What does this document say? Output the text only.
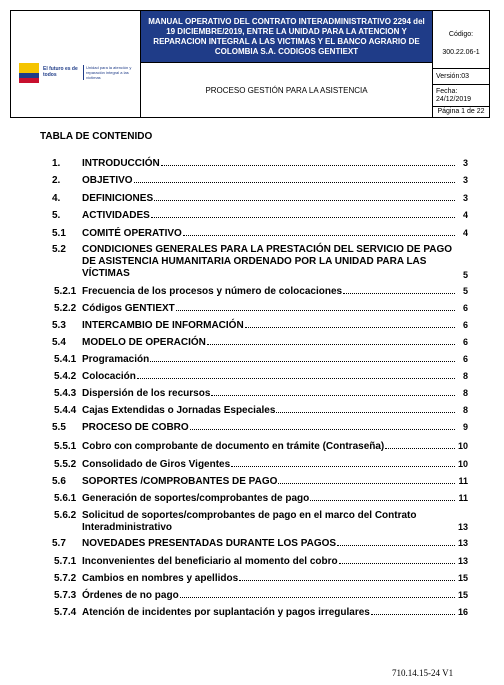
El futuro es de todos
Unidad para la atención y reparación integral a las víctimas
MANUAL OPERATIVO DEL CONTRATO INTERADMINISTRATIVO 2294 del 19 DICIEMBRE/2019, ENTRE LA UNIDAD PARA LA ATENCION Y REPARACION INTEGRAL A LAS VICTIMAS Y EL BANCO AGRARIO DE COLOMBIA S.A. CODIGOS GENTIEXT
PROCESO GESTIÓN PARA LA ASISTENCIA
Código:
300.22.06-1
Versión:03
Fecha:
24/12/2019
Página 1 de 22
TABLA DE CONTENIDO
1. INTRODUCCIÓN	3
2. OBJETIVO	3
4. DEFINICIONES	3
5. ACTIVIDADES	4
5.1 COMITÉ OPERATIVO	4
5.2 CONDICIONES GENERALES PARA LA PRESTACIÓN DEL SERVICIO DE PAGO DE ASISTENCIA HUMANITARIA ORDENADO POR LA UNIDAD PARA LAS VÍCTIMAS	5
5.2.1 Frecuencia de los procesos y número de colocaciones	5
5.2.2 Códigos GENTIEXT	6
5.3 INTERCAMBIO DE INFORMACIÓN	6
5.4 MODELO DE OPERACIÓN	6
5.4.1 Programación	6
5.4.2 Colocación	8
5.4.3 Dispersión de los recursos	8
5.4.4 Cajas Extendidas o Jornadas Especiales	8
5.5 PROCESO DE COBRO	9
5.5.1 Cobro con comprobante de documento en trámite (Contraseña)	10
5.5.2 Consolidado de Giros Vigentes	10
5.6 SOPORTES /COMPROBANTES DE PAGO	11
5.6.1 Generación de soportes/comprobantes de pago	11
5.6.2 Solicitud de soportes/comprobantes de pago en el marco del Contrato Interadministrativo	13
5.7 NOVEDADES PRESENTADAS DURANTE LOS PAGOS	13
5.7.1 Inconvenientes del beneficiario al momento del cobro	13
5.7.2 Cambios en nombres y apellidos	15
5.7.3 Órdenes de no pago	15
5.7.4 Atención de incidentes por suplantación y pagos irregulares	16
710.14.15-24 V1
